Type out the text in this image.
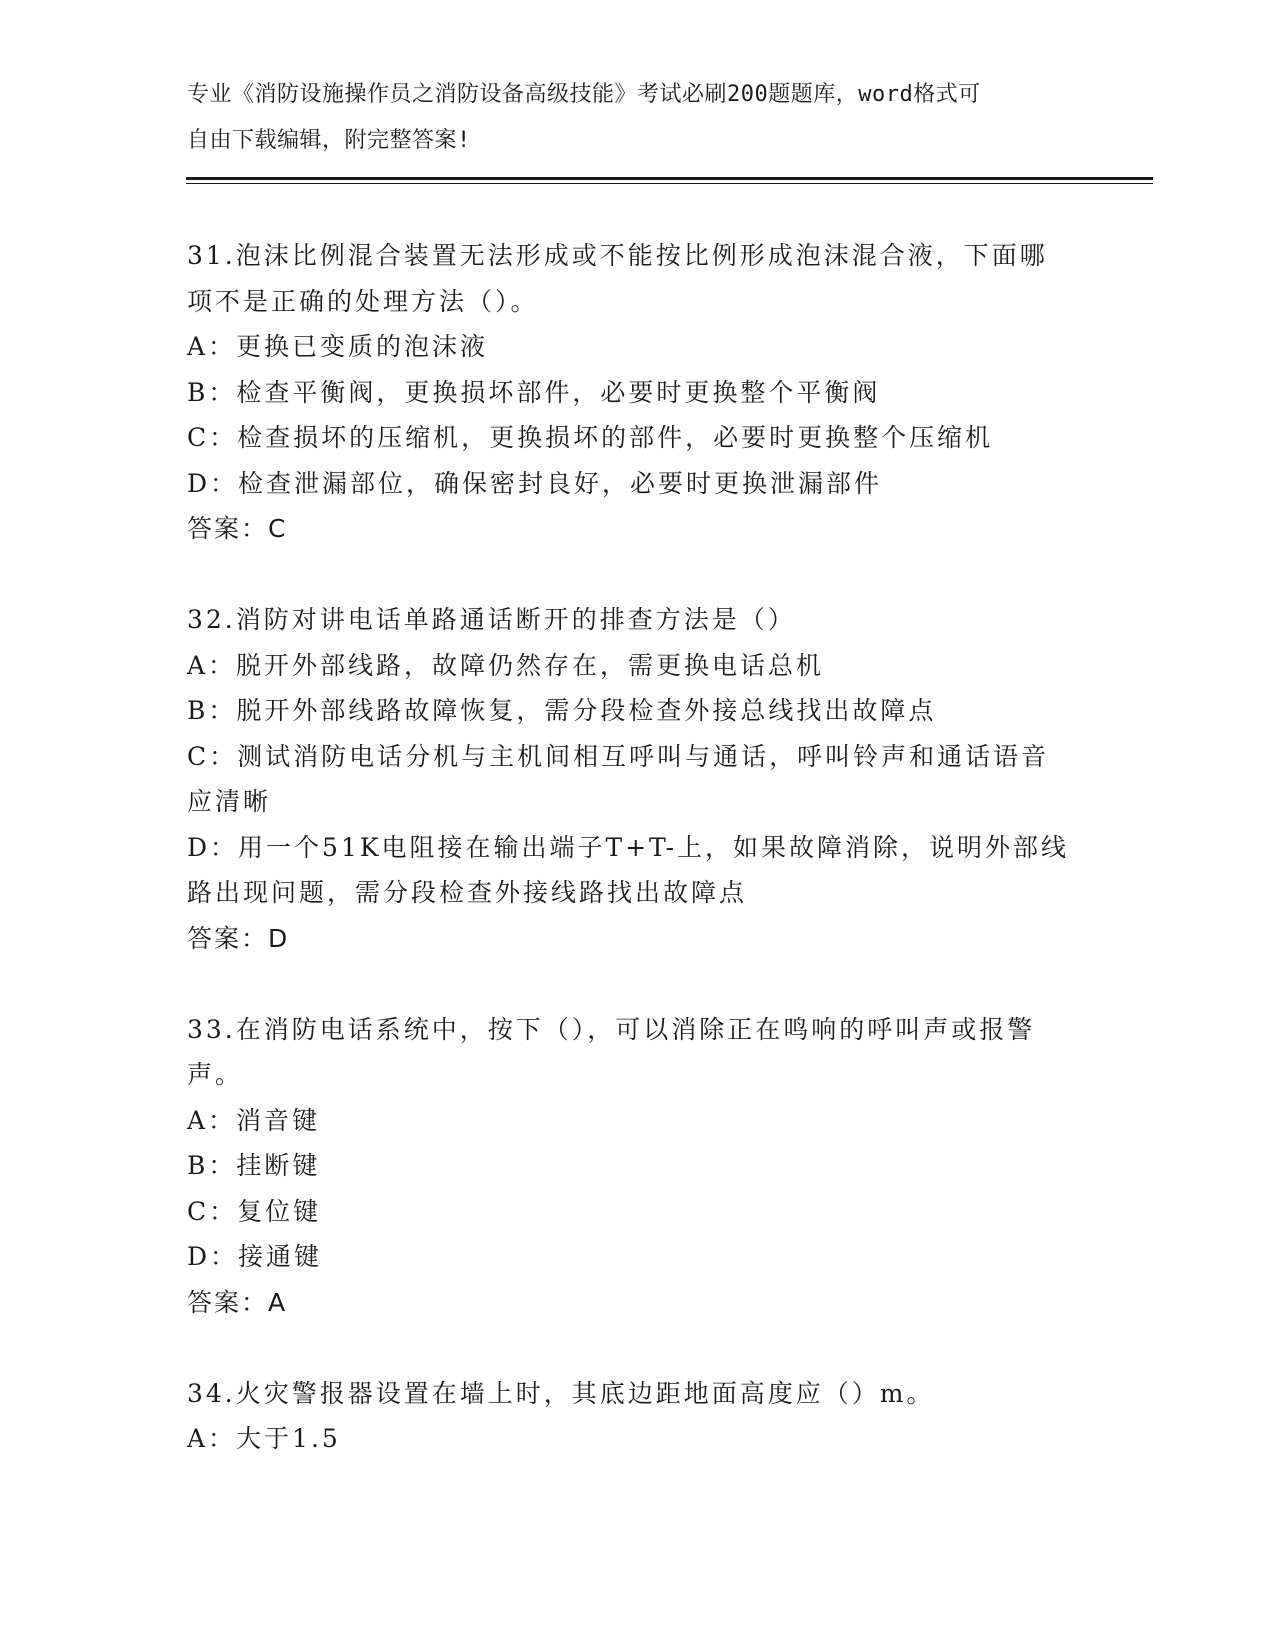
专业《消防设施操作员之消防设备高级技能》考试必刷200题题库，word格式可
自由下载编辑，附完整答案!
31.泡沫比例混合装置无法形成或不能按比例形成泡沫混合液，下面哪
项不是正确的处理方法（）。
A：更换已变质的泡沫液
B：检查平衡阀，更换损坏部件，必要时更换整个平衡阀
C：检查损坏的压缩机，更换损坏的部件，必要时更换整个压缩机
D：检查泄漏部位，确保密封良好，必要时更换泄漏部件
答案：C
32.消防对讲电话单路通话断开的排查方法是（）
A：脱开外部线路，故障仍然存在，需更换电话总机
B：脱开外部线路故障恢复，需分段检查外接总线找出故障点
C：测试消防电话分机与主机间相互呼叫与通话，呼叫铃声和通话语音
应清晰
D：用一个51K电阻接在输出端子T+T-上，如果故障消除，说明外部线
路出现问题，需分段检查外接线路找出故障点
答案：D
33.在消防电话系统中，按下（），可以消除正在鸣响的呼叫声或报警
声。
A：消音键
B：挂断键
C：复位键
D：接通键
答案：A
34.火灾警报器设置在墙上时，其底边距地面高度应（）m。
A：大于1.5
